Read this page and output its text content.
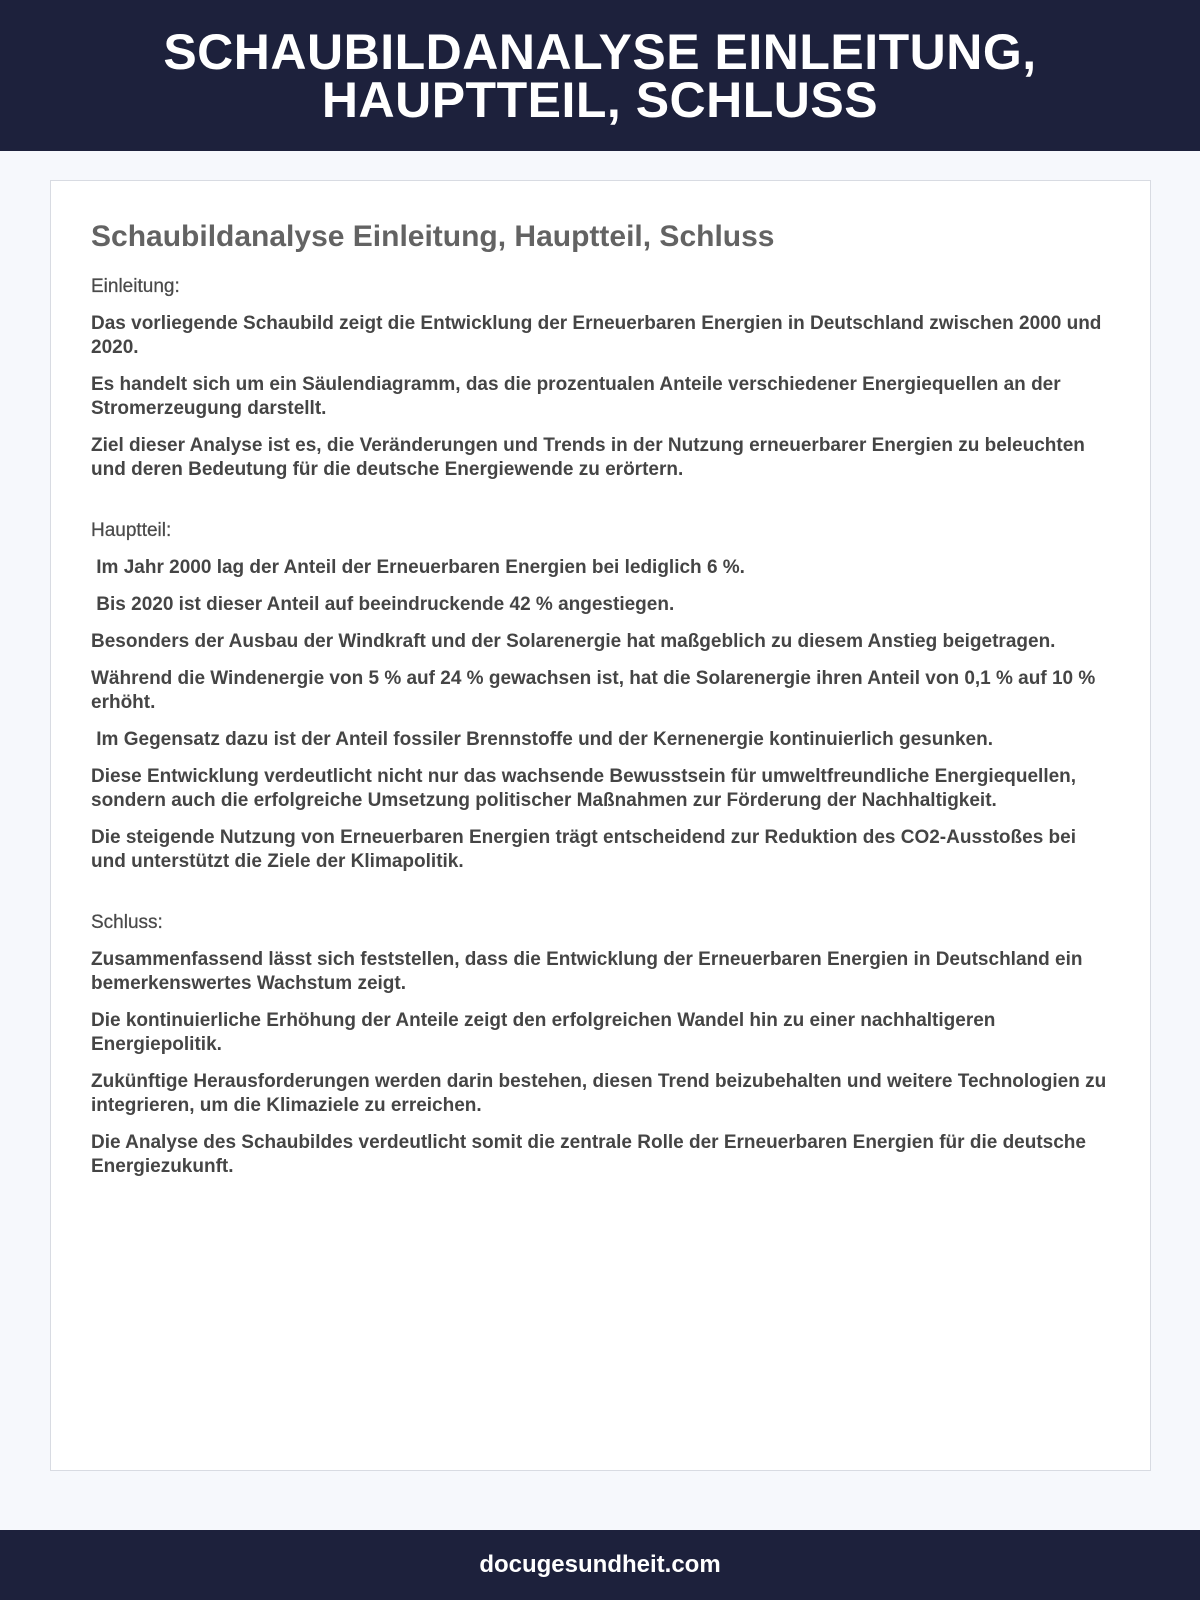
SCHAUBILDANALYSE EINLEITUNG, HAUPTTEIL, SCHLUSS
Schaubildanalyse Einleitung, Hauptteil, Schluss

Einleitung:

Das vorliegende Schaubild zeigt die Entwicklung der Erneuerbaren Energien in Deutschland zwischen 2000 und 2020.

Es handelt sich um ein Säulendiagramm, das die prozentualen Anteile verschiedener Energiequellen an der Stromerzeugung darstellt.

Ziel dieser Analyse ist es, die Veränderungen und Trends in der Nutzung erneuerbarer Energien zu beleuchten und deren Bedeutung für die deutsche Energiewende zu erörtern.

Hauptteil:

Im Jahr 2000 lag der Anteil der Erneuerbaren Energien bei lediglich 6 %.

Bis 2020 ist dieser Anteil auf beeindruckende 42 % angestiegen.

Besonders der Ausbau der Windkraft und der Solarenergie hat maßgeblich zu diesem Anstieg beigetragen.

Während die Windenergie von 5 % auf 24 % gewachsen ist, hat die Solarenergie ihren Anteil von 0,1 % auf 10 % erhöht.

Im Gegensatz dazu ist der Anteil fossiler Brennstoffe und der Kernenergie kontinuierlich gesunken.

Diese Entwicklung verdeutlicht nicht nur das wachsende Bewusstsein für umweltfreundliche Energiequellen, sondern auch die erfolgreiche Umsetzung politischer Maßnahmen zur Förderung der Nachhaltigkeit.

Die steigende Nutzung von Erneuerbaren Energien trägt entscheidend zur Reduktion des CO2-Ausstoßes bei und unterstützt die Ziele der Klimapolitik.

Schluss:

Zusammenfassend lässt sich feststellen, dass die Entwicklung der Erneuerbaren Energien in Deutschland ein bemerkenswertes Wachstum zeigt.

Die kontinuierliche Erhöhung der Anteile zeigt den erfolgreichen Wandel hin zu einer nachhaltigeren Energiepolitik.

Zukünftige Herausforderungen werden darin bestehen, diesen Trend beizubehalten und weitere Technologien zu integrieren, um die Klimaziele zu erreichen.

Die Analyse des Schaubildes verdeutlicht somit die zentrale Rolle der Erneuerbaren Energien für die deutsche Energiezukunft.

docugesundheit.com
